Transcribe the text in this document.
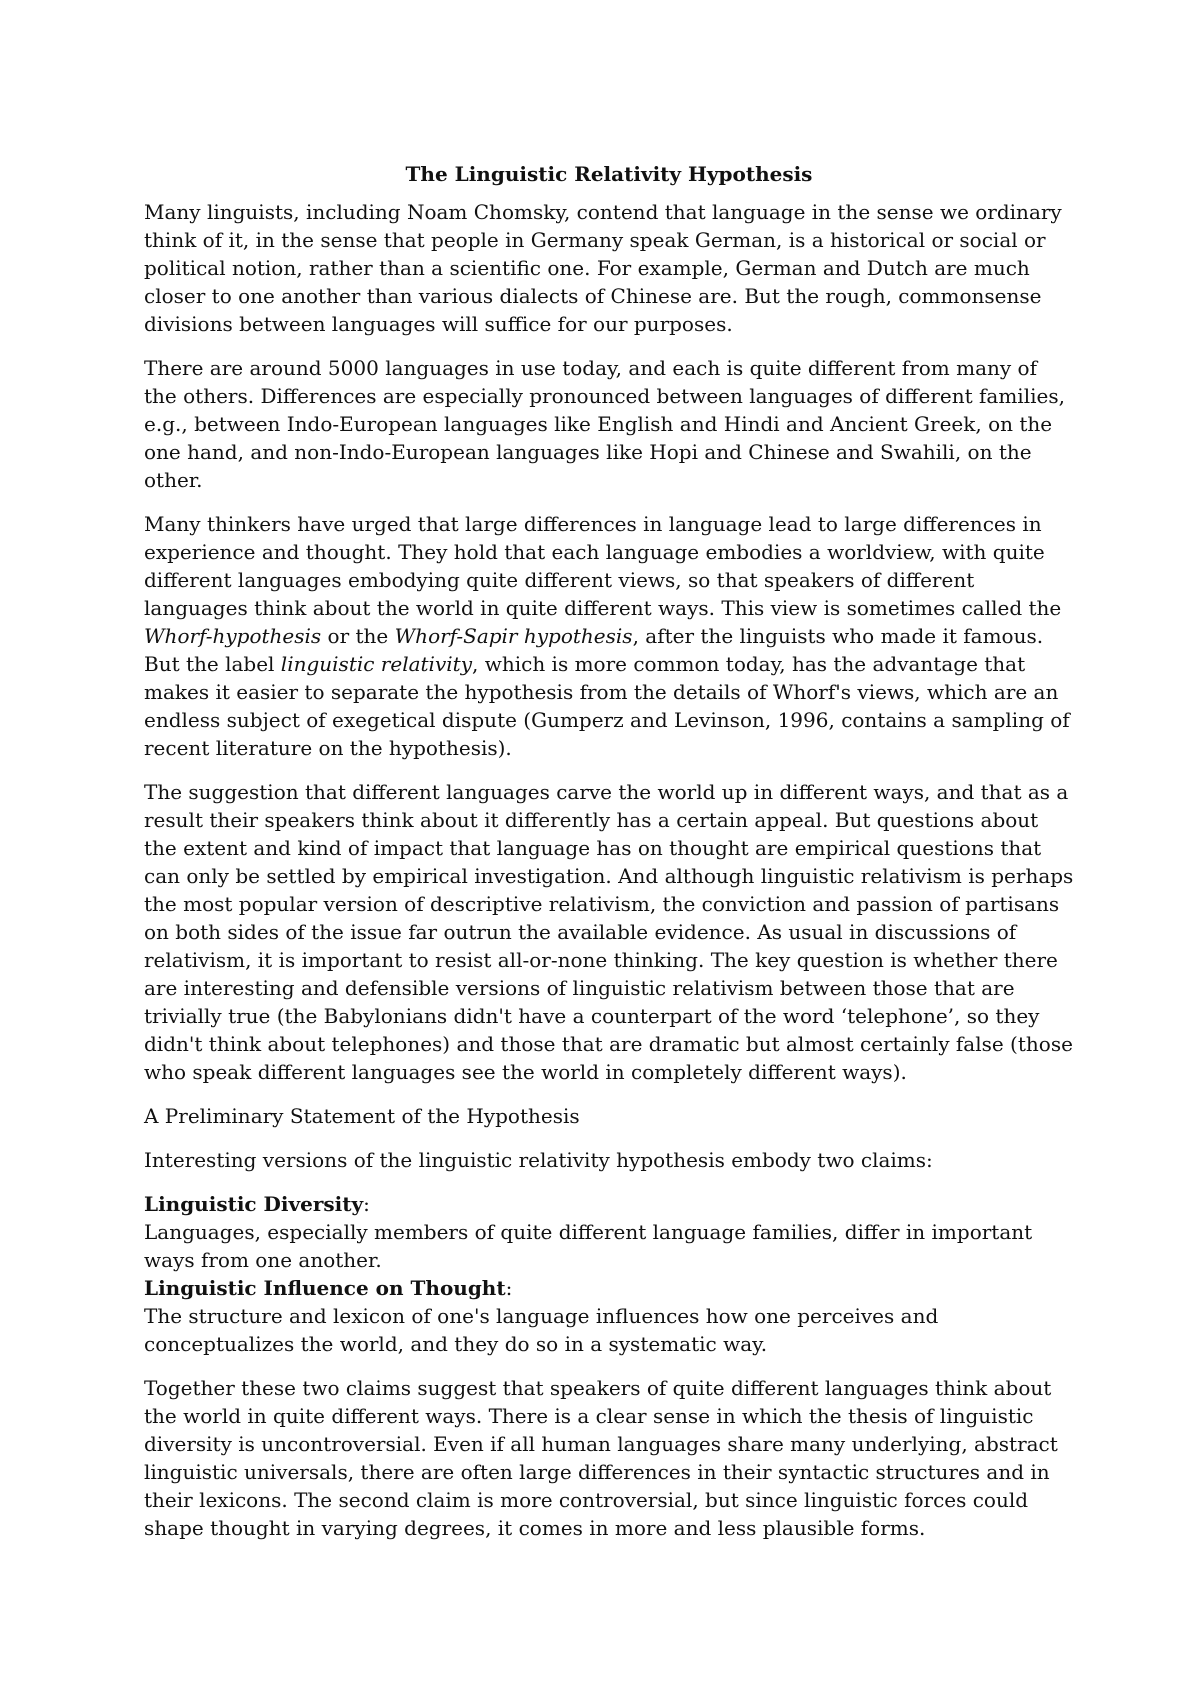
The Linguistic Relativity Hypothesis

Many linguists, including Noam Chomsky, contend that language in the sense we ordinary think of it, in the sense that people in Germany speak German, is a historical or social or political notion, rather than a scientific one. For example, German and Dutch are much closer to one another than various dialects of Chinese are. But the rough, commonsense divisions between languages will suffice for our purposes.

There are around 5000 languages in use today, and each is quite different from many of the others. Differences are especially pronounced between languages of different families, e.g., between Indo-European languages like English and Hindi and Ancient Greek, on the one hand, and non-Indo-European languages like Hopi and Chinese and Swahili, on the other.

Many thinkers have urged that large differences in language lead to large differences in experience and thought. They hold that each language embodies a worldview, with quite different languages embodying quite different views, so that speakers of different languages think about the world in quite different ways. This view is sometimes called the Whorf-hypothesis or the Whorf-Sapir hypothesis, after the linguists who made it famous. But the label linguistic relativity, which is more common today, has the advantage that makes it easier to separate the hypothesis from the details of Whorf's views, which are an endless subject of exegetical dispute (Gumperz and Levinson, 1996, contains a sampling of recent literature on the hypothesis).

The suggestion that different languages carve the world up in different ways, and that as a result their speakers think about it differently has a certain appeal. But questions about the extent and kind of impact that language has on thought are empirical questions that can only be settled by empirical investigation. And although linguistic relativism is perhaps the most popular version of descriptive relativism, the conviction and passion of partisans on both sides of the issue far outrun the available evidence. As usual in discussions of relativism, it is important to resist all-or-none thinking. The key question is whether there are interesting and defensible versions of linguistic relativism between those that are trivially true (the Babylonians didn't have a counterpart of the word ‘telephone’, so they didn't think about telephones) and those that are dramatic but almost certainly false (those who speak different languages see the world in completely different ways).

A Preliminary Statement of the Hypothesis

Interesting versions of the linguistic relativity hypothesis embody two claims:

Linguistic Diversity:

Languages, especially members of quite different language families, differ in important ways from one another.

Linguistic Influence on Thought:

The structure and lexicon of one's language influences how one perceives and conceptualizes the world, and they do so in a systematic way.

Together these two claims suggest that speakers of quite different languages think about the world in quite different ways. There is a clear sense in which the thesis of linguistic diversity is uncontroversial. Even if all human languages share many underlying, abstract linguistic universals, there are often large differences in their syntactic structures and in their lexicons. The second claim is more controversial, but since linguistic forces could shape thought in varying degrees, it comes in more and less plausible forms.
